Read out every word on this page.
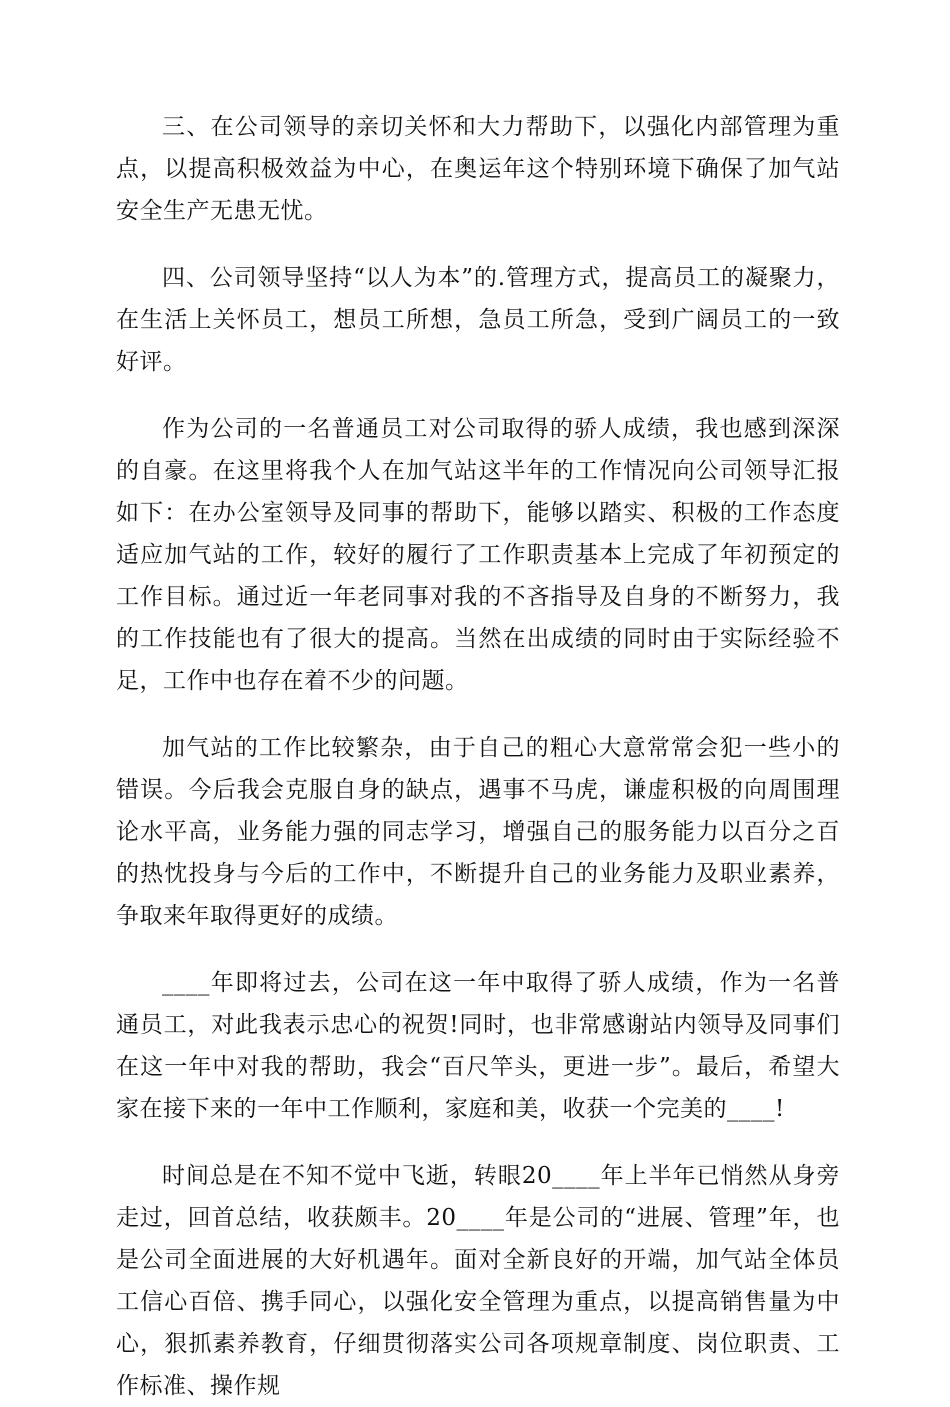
三、在公司领导的亲切关怀和大力帮助下，以强化内部管理为重点，以提高积极效益为中心，在奥运年这个特别环境下确保了加气站安全生产无患无忧。

四、公司领导坚持“以人为本”的.管理方式，提高员工的凝聚力，在生活上关怀员工，想员工所想，急员工所急，受到广阔员工的一致好评。

作为公司的一名普通员工对公司取得的骄人成绩，我也感到深深的自豪。在这里将我个人在加气站这半年的工作情况向公司领导汇报如下：在办公室领导及同事的帮助下，能够以踏实、积极的工作态度适应加气站的工作，较好的履行了工作职责基本上完成了年初预定的工作目标。通过近一年老同事对我的不吝指导及自身的不断努力，我的工作技能也有了很大的提高。当然在出成绩的同时由于实际经验不足，工作中也存在着不少的问题。

加气站的工作比较繁杂，由于自己的粗心大意常常会犯一些小的错误。今后我会克服自身的缺点，遇事不马虎，谦虚积极的向周围理论水平高，业务能力强的同志学习，增强自己的服务能力以百分之百的热忱投身与今后的工作中，不断提升自己的业务能力及职业素养，争取来年取得更好的成绩。

____年即将过去，公司在这一年中取得了骄人成绩，作为一名普通员工，对此我表示忠心的祝贺!同时，也非常感谢站内领导及同事们在这一年中对我的帮助，我会“百尺竿头，更进一步”。最后，希望大家在接下来的一年中工作顺利，家庭和美，收获一个完美的____!

时间总是在不知不觉中飞逝，转眼20____年上半年已悄然从身旁走过，回首总结，收获颇丰。20____年是公司的“进展、管理”年，也是公司全面进展的大好机遇年。面对全新良好的开端，加气站全体员工信心百倍、携手同心，以强化安全管理为重点，以提高销售量为中心，狠抓素养教育，仔细贯彻落实公司各项规章制度、岗位职责、工作标准、操作规
